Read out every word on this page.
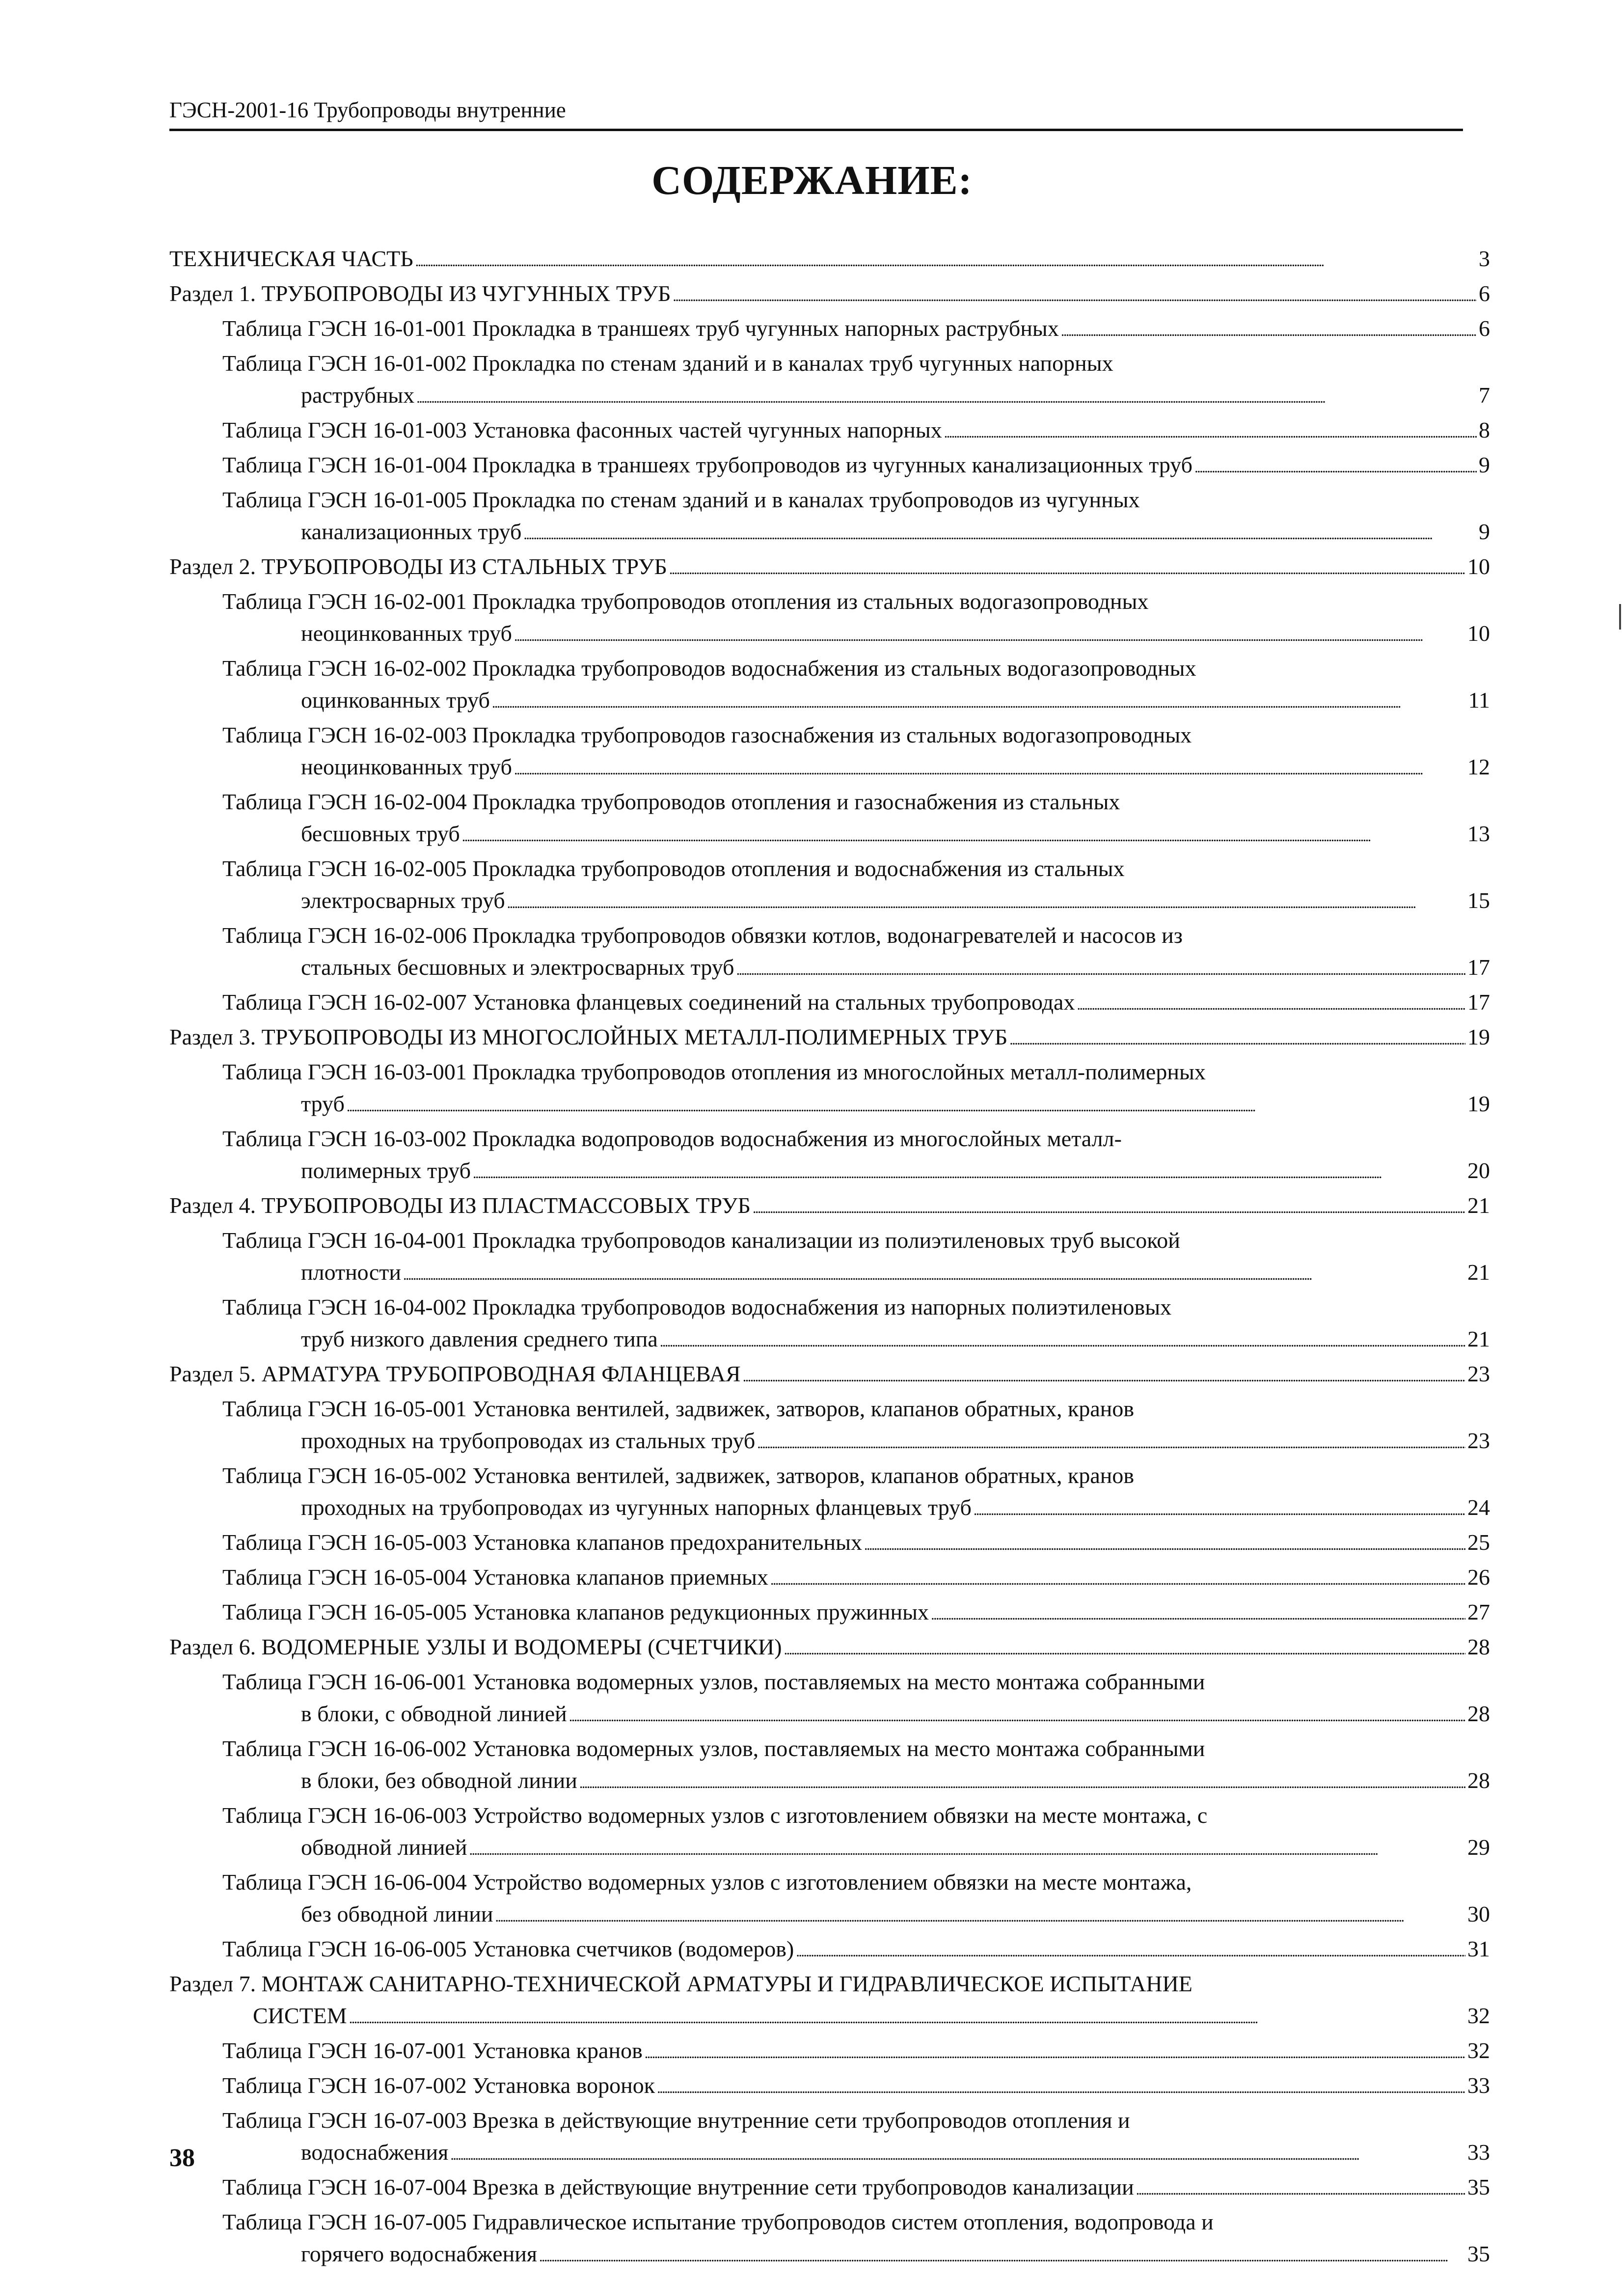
ГЭСН-2001-16 Трубопроводы внутренние
СОДЕРЖАНИЕ:
ТЕХНИЧЕСКАЯ ЧАСТЬ . . .	3
Раздел 1. ТРУБОПРОВОДЫ ИЗ ЧУГУННЫХ ТРУБ . . .	6
Таблица ГЭСН 16-01-001 Прокладка в траншеях труб чугунных напорных раструбных . . .	6
Таблица ГЭСН 16-01-002 Прокладка по стенам зданий и в каналах труб чугунных напорных
раструбных . . .	7
Таблица ГЭСН 16-01-003 Установка фасонных частей чугунных напорных . . .	8
Таблица ГЭСН 16-01-004 Прокладка в траншеях трубопроводов из чугунных канализационных труб . . .	9
Таблица ГЭСН 16-01-005 Прокладка по стенам зданий и в каналах трубопроводов из чугунных
канализационных труб . . .	9
Раздел 2. ТРУБОПРОВОДЫ ИЗ СТАЛЬНЫХ ТРУБ . . .	10
Таблица ГЭСН 16-02-001 Прокладка трубопроводов отопления из стальных водогазопроводных
неоцинкованных труб . . .	10
Таблица ГЭСН 16-02-002 Прокладка трубопроводов водоснабжения из стальных водогазопроводных
оцинкованных труб . . .	11
Таблица ГЭСН 16-02-003 Прокладка трубопроводов газоснабжения из стальных водогазопроводных
неоцинкованных труб . . .	12
Таблица ГЭСН 16-02-004 Прокладка трубопроводов отопления и газоснабжения из стальных
бесшовных труб . . .	13
Таблица ГЭСН 16-02-005 Прокладка трубопроводов отопления и водоснабжения из стальных
электросварных труб . . .	15
Таблица ГЭСН 16-02-006 Прокладка трубопроводов обвязки котлов, водонагревателей и насосов из
стальных бесшовных и электросварных труб . . .	17
Таблица ГЭСН 16-02-007 Установка фланцевых соединений на стальных трубопроводах . . .	17
Раздел 3. ТРУБОПРОВОДЫ ИЗ МНОГОСЛОЙНЫХ МЕТАЛЛ-ПОЛИМЕРНЫХ ТРУБ . . .	19
Таблица ГЭСН 16-03-001 Прокладка трубопроводов отопления из многослойных металл-полимерных
труб . . .	19
Таблица ГЭСН 16-03-002 Прокладка водопроводов водоснабжения из многослойных металл-
полимерных труб . . .	20
Раздел 4. ТРУБОПРОВОДЫ ИЗ ПЛАСТМАССОВЫХ ТРУБ . . .	21
Таблица ГЭСН 16-04-001 Прокладка трубопроводов канализации из полиэтиленовых труб высокой
плотности . . .	21
Таблица ГЭСН 16-04-002 Прокладка трубопроводов водоснабжения из напорных полиэтиленовых
труб низкого давления среднего типа . . .	21
Раздел 5. АРМАТУРА ТРУБОПРОВОДНАЯ ФЛАНЦЕВАЯ . . .	23
Таблица ГЭСН 16-05-001 Установка вентилей, задвижек, затворов, клапанов обратных, кранов
проходных на трубопроводах из стальных труб . . .	23
Таблица ГЭСН 16-05-002 Установка вентилей, задвижек, затворов, клапанов обратных, кранов
проходных на трубопроводах из чугунных напорных фланцевых труб . . .	24
Таблица ГЭСН 16-05-003 Установка клапанов предохранительных . . .	25
Таблица ГЭСН 16-05-004 Установка клапанов приемных . . .	26
Таблица ГЭСН 16-05-005 Установка клапанов редукционных пружинных . . .	27
Раздел 6. ВОДОМЕРНЫЕ УЗЛЫ И ВОДОМЕРЫ (СЧЕТЧИКИ) . . .	28
Таблица ГЭСН 16-06-001 Установка водомерных узлов, поставляемых на место монтажа собранными
в блоки, с обводной линией . . .	28
Таблица ГЭСН 16-06-002 Установка водомерных узлов, поставляемых на место монтажа собранными
в блоки, без обводной линии . . .	28
Таблица ГЭСН 16-06-003 Устройство водомерных узлов с изготовлением обвязки на месте монтажа, с
обводной линией . . .	29
Таблица ГЭСН 16-06-004 Устройство водомерных узлов с изготовлением обвязки на месте монтажа,
без обводной линии . . .	30
Таблица ГЭСН 16-06-005 Установка счетчиков (водомеров) . . .	31
Раздел 7. МОНТАЖ САНИТАРНО-ТЕХНИЧЕСКОЙ АРМАТУРЫ И ГИДРАВЛИЧЕСКОЕ ИСПЫТАНИЕ
СИСТЕМ . . .	32
Таблица ГЭСН 16-07-001 Установка кранов . . .	32
Таблица ГЭСН 16-07-002 Установка воронок . . .	33
Таблица ГЭСН 16-07-003 Врезка в действующие внутренние сети трубопроводов отопления и
водоснабжения . . .	33
Таблица ГЭСН 16-07-004 Врезка в действующие внутренние сети трубопроводов канализации . . .	35
Таблица ГЭСН 16-07-005 Гидравлическое испытание трубопроводов систем отопления, водопровода и
горячего водоснабжения . . .	35
38
